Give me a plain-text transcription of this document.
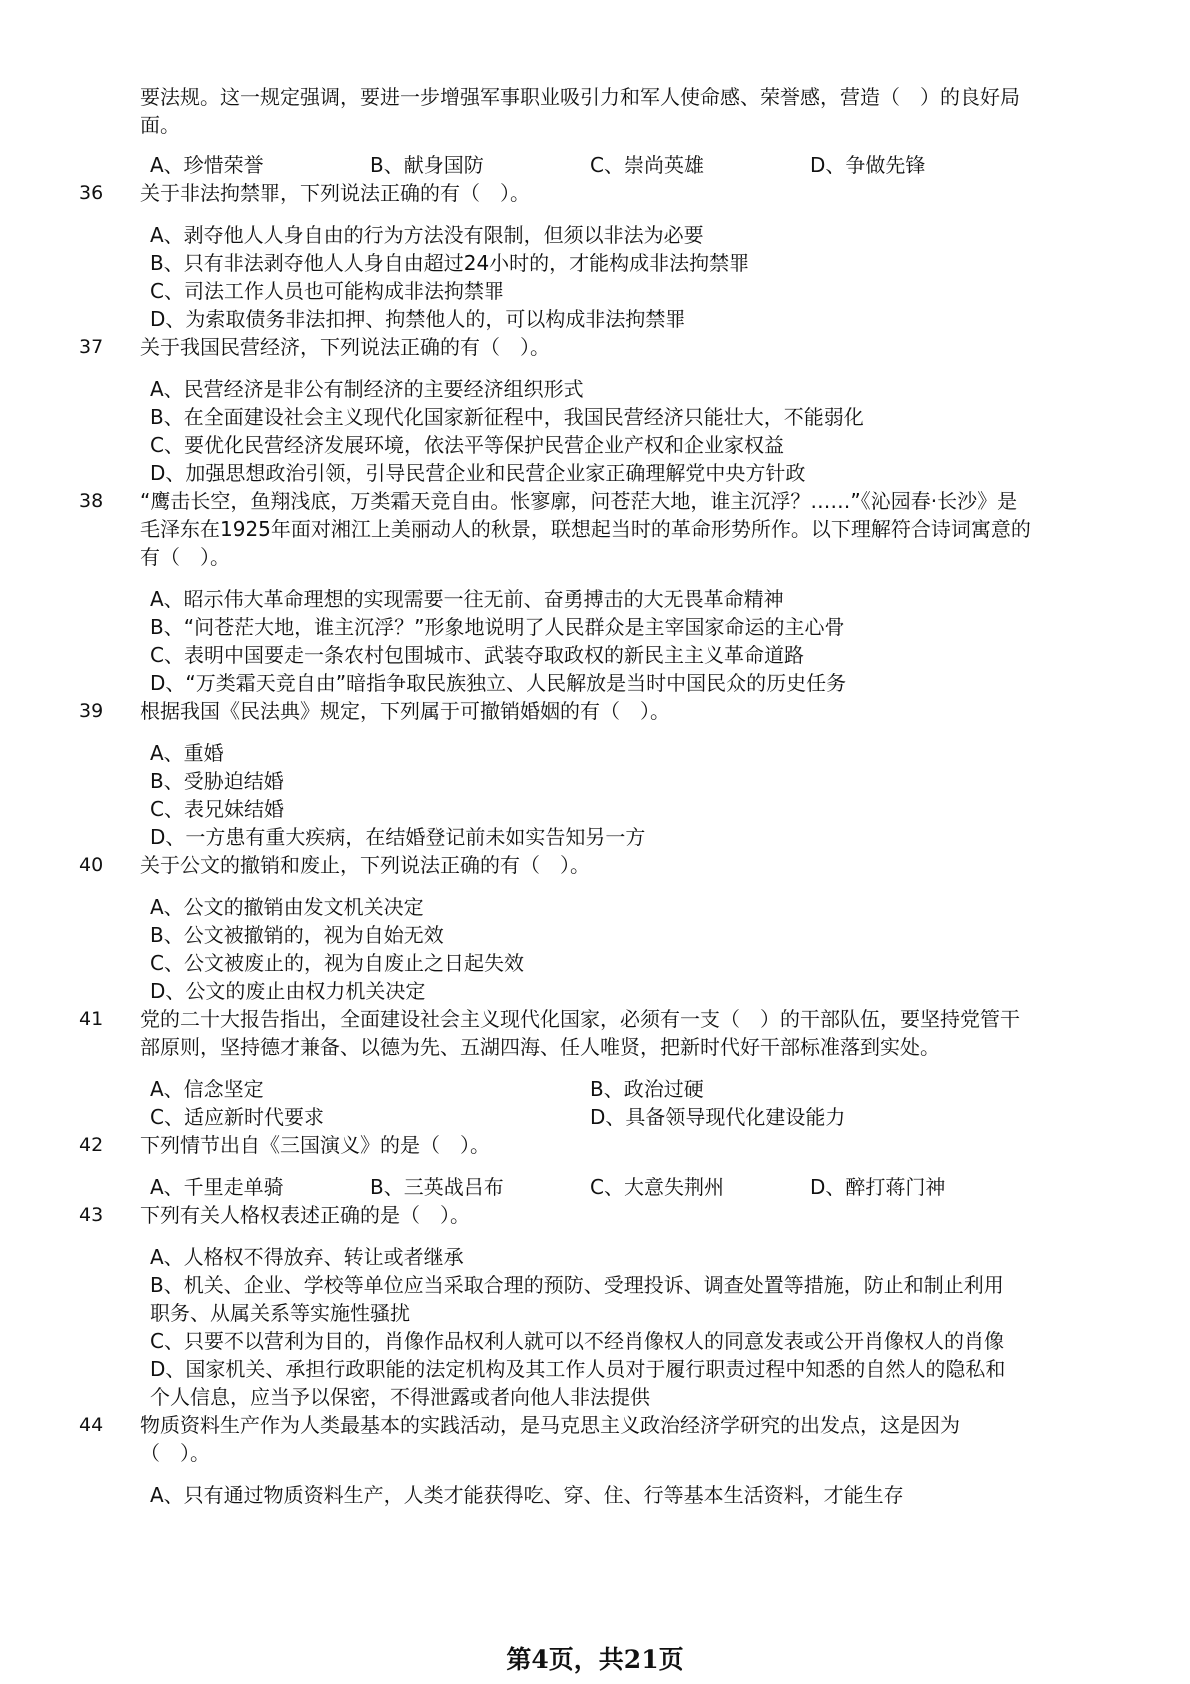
要法规。这一规定强调，要进一步增强军事职业吸引力和军人使命感、荣誉感，营造（　）的良好局
面。
A、珍惜荣誉	B、献身国防	C、崇尚英雄	D、争做先锋
36 关于非法拘禁罪，下列说法正确的有（　）。
A、剥夺他人人身自由的行为方法没有限制，但须以非法为必要
B、只有非法剥夺他人人身自由超过24小时的，才能构成非法拘禁罪
C、司法工作人员也可能构成非法拘禁罪
D、为索取债务非法扣押、拘禁他人的，可以构成非法拘禁罪
37 关于我国民营经济，下列说法正确的有（　）。
A、民营经济是非公有制经济的主要经济组织形式
B、在全面建设社会主义现代化国家新征程中，我国民营经济只能壮大，不能弱化
C、要优化民营经济发展环境，依法平等保护民营企业产权和企业家权益
D、加强思想政治引领，引导民营企业和民营企业家正确理解党中央方针政
38 “鹰击长空，鱼翔浅底，万类霜天竞自由。怅寥廓，问苍茫大地，谁主沉浮？……”《沁园春·长沙》是
毛泽东在1925年面对湘江上美丽动人的秋景，联想起当时的革命形势所作。以下理解符合诗词寓意的
有（　）。
A、昭示伟大革命理想的实现需要一往无前、奋勇搏击的大无畏革命精神
B、“问苍茫大地，谁主沉浮？”形象地说明了人民群众是主宰国家命运的主心骨
C、表明中国要走一条农村包围城市、武装夺取政权的新民主主义革命道路
D、“万类霜天竞自由”暗指争取民族独立、人民解放是当时中国民众的历史任务
39 根据我国《民法典》规定，下列属于可撤销婚姻的有（　）。
A、重婚
B、受胁迫结婚
C、表兄妹结婚
D、一方患有重大疾病，在结婚登记前未如实告知另一方
40 关于公文的撤销和废止，下列说法正确的有（　）。
A、公文的撤销由发文机关决定
B、公文被撤销的，视为自始无效
C、公文被废止的，视为自废止之日起失效
D、公文的废止由权力机关决定
41 党的二十大报告指出，全面建设社会主义现代化国家，必须有一支（　）的干部队伍，要坚持党管干
部原则，坚持德才兼备、以德为先、五湖四海、任人唯贤，把新时代好干部标准落到实处。
A、信念坚定	B、政治过硬
C、适应新时代要求	D、具备领导现代化建设能力
42 下列情节出自《三国演义》的是（　）。
A、千里走单骑	B、三英战吕布	C、大意失荆州	D、醉打蒋门神
43 下列有关人格权表述正确的是（　）。
A、人格权不得放弃、转让或者继承
B、机关、企业、学校等单位应当采取合理的预防、受理投诉、调查处置等措施，防止和制止利用
职务、从属关系等实施性骚扰
C、只要不以营利为目的，肖像作品权利人就可以不经肖像权人的同意发表或公开肖像权人的肖像
D、国家机关、承担行政职能的法定机构及其工作人员对于履行职责过程中知悉的自然人的隐私和
个人信息，应当予以保密，不得泄露或者向他人非法提供
44 物质资料生产作为人类最基本的实践活动，是马克思主义政治经济学研究的出发点，这是因为
（　）。
A、只有通过物质资料生产，人类才能获得吃、穿、住、行等基本生活资料，才能生存
第4页，共21页
